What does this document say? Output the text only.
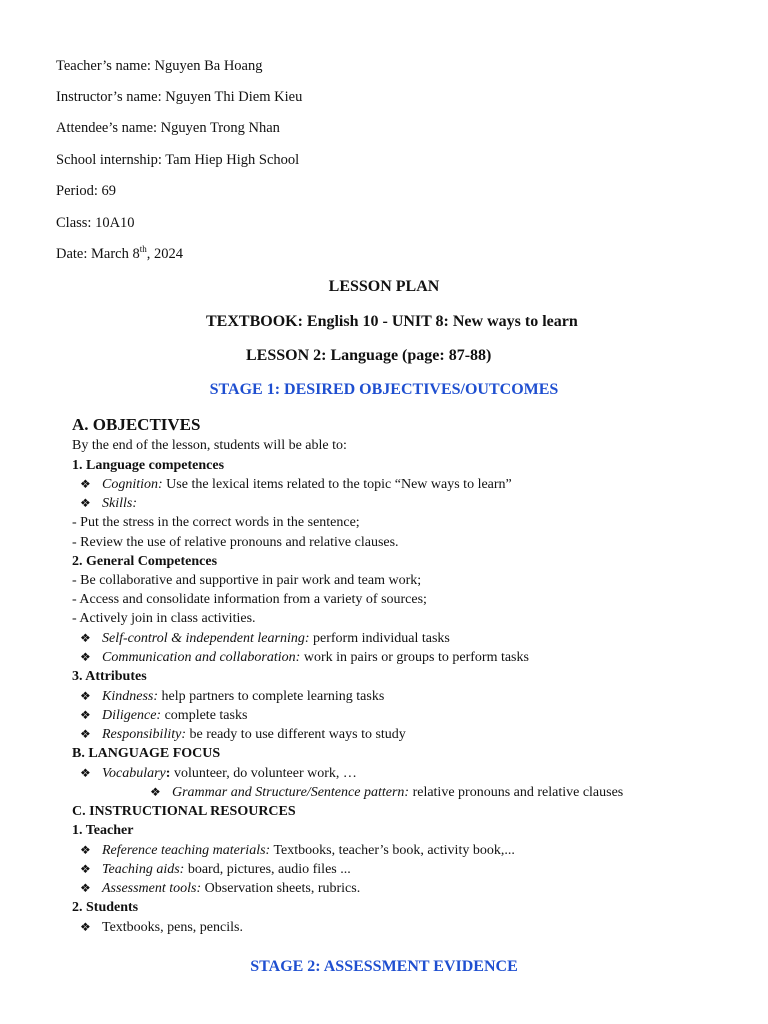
Teacher’s name: Nguyen Ba Hoang
Instructor’s name: Nguyen Thi Diem Kieu
Attendee’s name: Nguyen Trong Nhan
School internship: Tam Hiep High School
Period: 69
Class: 10A10
Date: March 8th, 2024
LESSON PLAN
TEXTBOOK: English 10 - UNIT 8: New ways to learn
LESSON 2: Language (page: 87-88)
STAGE 1: DESIRED OBJECTIVES/OUTCOMES
A. OBJECTIVES
By the end of the lesson, students will be able to:
1. Language competences
❖ Cognition: Use the lexical items related to the topic “New ways to learn”
❖ Skills:
- Put the stress in the correct words in the sentence;
- Review the use of relative pronouns and relative clauses.
2. General Competences
- Be collaborative and supportive in pair work and team work;
- Access and consolidate information from a variety of sources;
- Actively join in class activities.
❖ Self-control & independent learning: perform individual tasks
❖ Communication and collaboration: work in pairs or groups to perform tasks
3. Attributes
❖ Kindness: help partners to complete learning tasks
❖ Diligence: complete tasks
❖ Responsibility: be ready to use different ways to study
B. LANGUAGE FOCUS
❖ Vocabulary: volunteer, do volunteer work, …
❖ Grammar and Structure/Sentence pattern: relative pronouns and relative clauses
C. INSTRUCTIONAL RESOURCES
1. Teacher
❖ Reference teaching materials: Textbooks, teacher’s book, activity book,...
❖ Teaching aids: board, pictures, audio files ...
❖ Assessment tools: Observation sheets, rubrics.
2. Students
❖ Textbooks, pens, pencils.
STAGE 2: ASSESSMENT EVIDENCE
